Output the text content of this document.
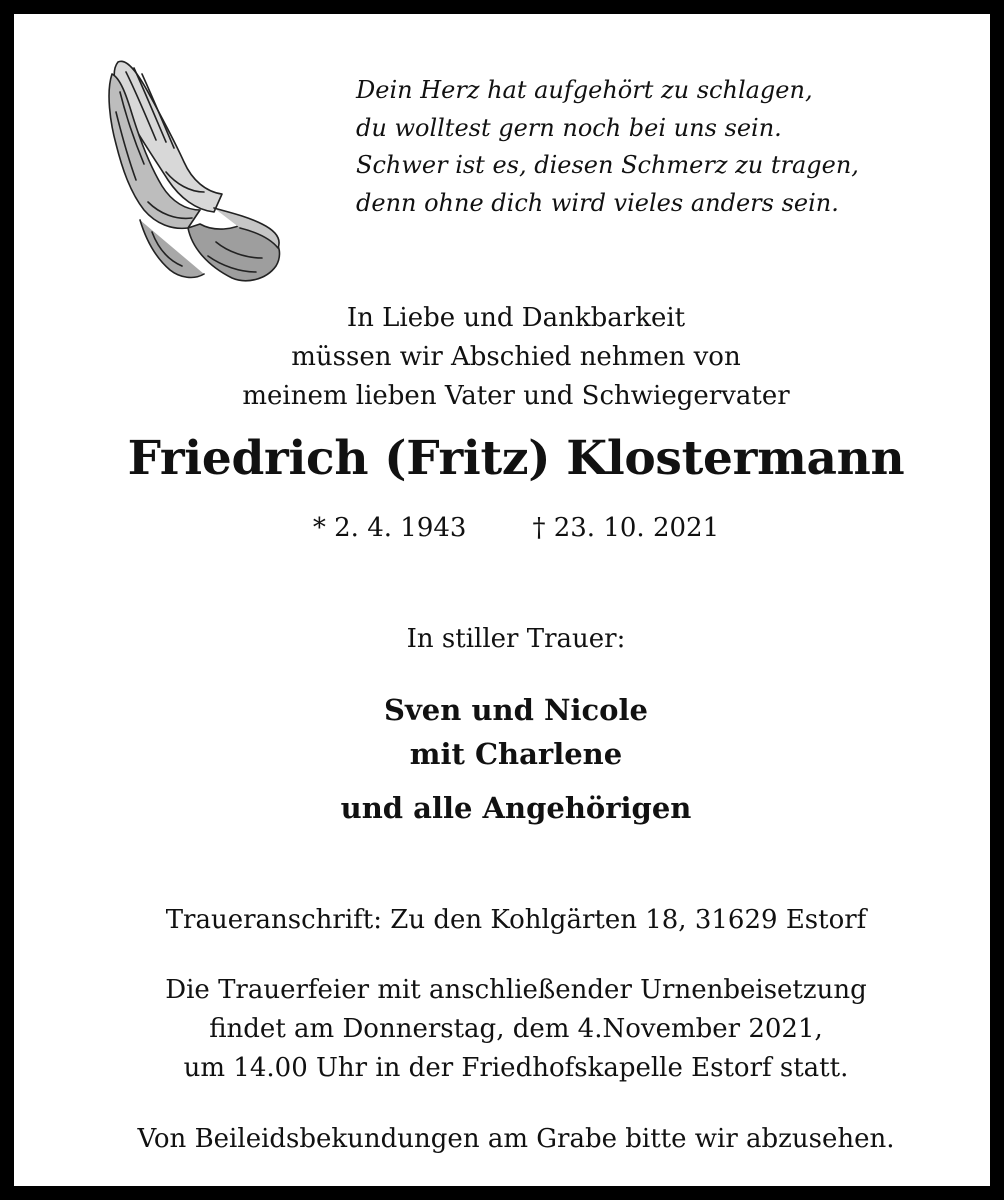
Dein Herz hat aufgehört zu schlagen,
du wolltest gern noch bei uns sein.
Schwer ist es, diesen Schmerz zu tragen,
denn ohne dich wird vieles anders sein.
In Liebe und Dankbarkeit
müssen wir Abschied nehmen von
meinem lieben Vater und Schwiegervater
Friedrich (Fritz) Klostermann
* 2. 4. 1943	† 23. 10. 2021
In stiller Trauer:
Sven und Nicole
mit Charlene
und alle Angehörigen
Traueranschrift: Zu den Kohlgärten 18, 31629 Estorf
Die Trauerfeier mit anschließender Urnenbeisetzung
findet am Donnerstag, dem 4.November 2021,
um 14.00 Uhr in der Friedhofskapelle Estorf statt.
Von Beileidsbekundungen am Grabe bitte wir abzusehen.
